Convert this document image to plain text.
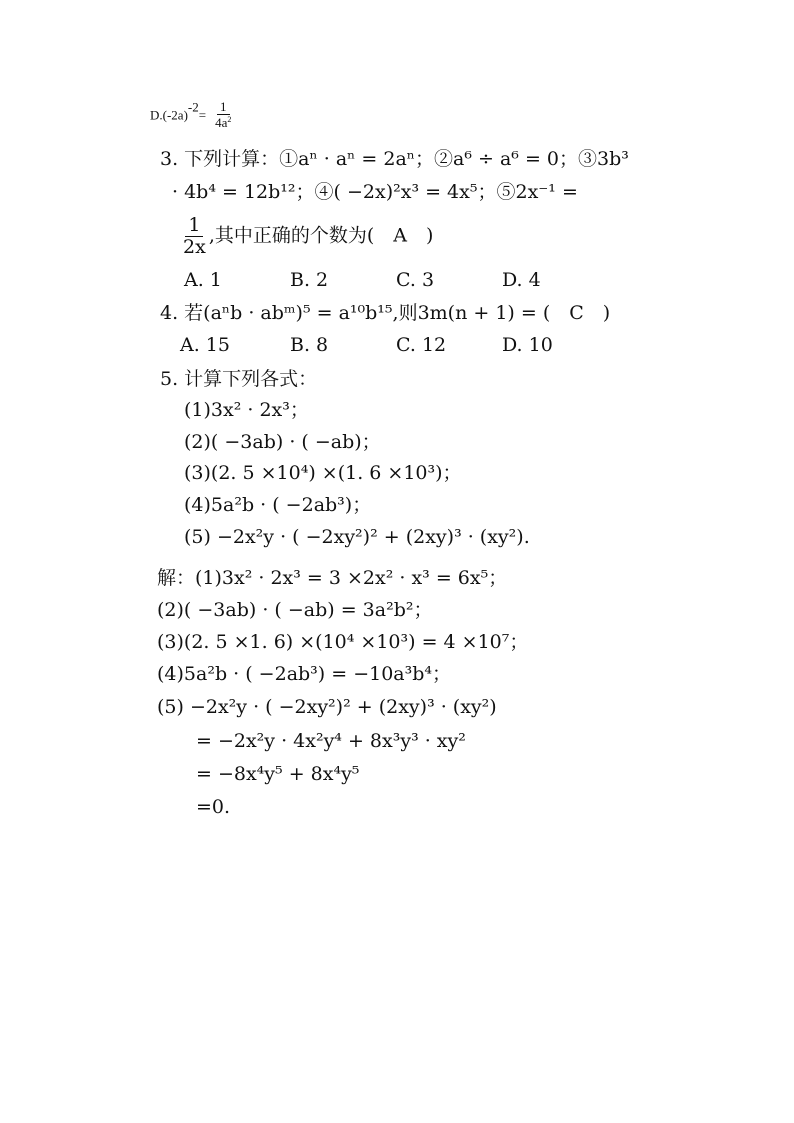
$D.(-2a)^{-2}= \frac{1}{4a^2}$
3. 下列计算：①aⁿ · aⁿ = 2aⁿ；②a⁶ ÷ a⁶ = 0；③3b³
· 4b⁴ = 12b¹²；④( −2x)²x³ = 4x⁵；⑤2x⁻¹ =
$\frac{1}{2x}$ ,其中正确的个数为(　A　)
A. 1	B. 2	C. 3	D. 4
4. 若(aⁿb · abᵐ)⁵ = a¹⁰b¹⁵,则3m(n + 1) = (　C　)
A. 15	B. 8	C. 12	D. 10
5. 计算下列各式：
(1)3x² · 2x³；
(2)( −3ab) · ( −ab)；
(3)(2. 5 ×10⁴) ×(1. 6 ×10³)；
(4)5a²b · ( −2ab³)；
(5) −2x²y · ( −2xy²)² + (2xy)³ · (xy²).
解：(1)3x² · 2x³ = 3 ×2x² · x³ = 6x⁵；
(2)( −3ab) · ( −ab) = 3a²b²；
(3)(2. 5 ×1. 6) ×(10⁴ ×10³) = 4 ×10⁷；
(4)5a²b · ( −2ab³) = −10a³b⁴；
(5) −2x²y · ( −2xy²)² + (2xy)³ · (xy²)
= −2x²y · 4x²y⁴ + 8x³y³ · xy²
= −8x⁴y⁵ + 8x⁴y⁵
=0.
